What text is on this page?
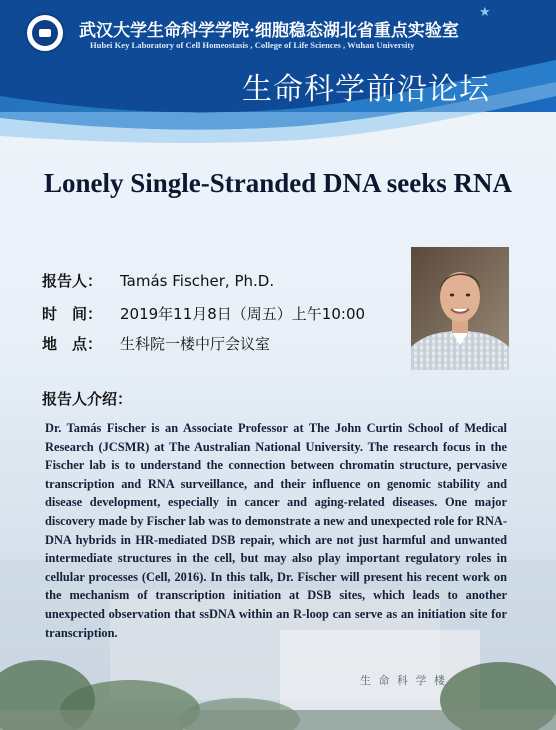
武汉大学生命科学学院·细胞稳态湖北省重点实验室
Hubei Key Laboratory of Cell Homeostasis , College of Life Sciences , Wuhan University
★
生命科学前沿论坛
Lonely Single-Stranded DNA seeks RNA
报告人： Tamás Fischer, Ph.D.
时　间： 2019年11月8日（周五）上午10:00
地　点： 生科院一楼中厅会议室
报告人介绍：
Dr. Tamás Fischer is an Associate Professor at The John Curtin School of Medical Research (JCSMR) at The Australian National University. The research focus in the Fischer lab is to understand the connection between chromatin structure, pervasive transcription and RNA surveillance, and their influence on genomic stability and disease development, especially in cancer and aging-related diseases. One major discovery made by Fischer lab was to demonstrate a new and unexpected role for RNA-DNA hybrids in HR-mediated DSB repair, which are not just harmful and unwanted intermediate structures in the cell, but may also play important regulatory roles in cellular processes (Cell, 2016). In this talk, Dr. Fischer will present his recent work on the mechanism of transcription initiation at DSB sites, which leads to another unexpected observation that ssDNA within an R-loop can serve as an initiation site for transcription.
生 命 科 学 楼
